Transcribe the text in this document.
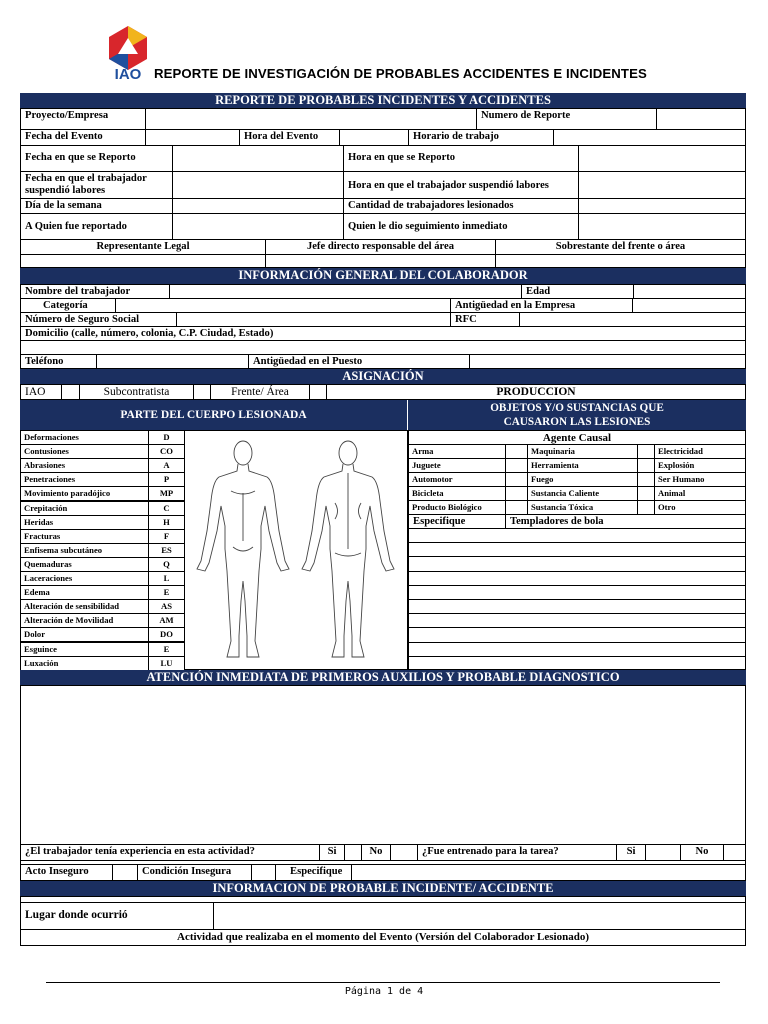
IAO REPORTE DE INVESTIGACIÓN DE PROBABLES ACCIDENTES E INCIDENTES
REPORTE DE PROBABLES INCIDENTES Y ACCIDENTES
Proyecto/Empresa	Numero de Reporte
Fecha del Evento	Hora del Evento	Horario de trabajo
Fecha en que se Reporto	Hora en que se Reporto
Fecha en que el trabajador suspendió labores	Hora en que el trabajador suspendió labores
Día de la semana	Cantidad de trabajadores lesionados
A Quien fue reportado	Quien le dio seguimiento inmediato
Representante Legal	Jefe directo responsable del área	Sobrestante del frente o área
INFORMACIÓN GENERAL DEL COLABORADOR
Nombre del trabajador	Edad
Categoría	Antigüedad en la Empresa
Número de Seguro Social	RFC
Domicilio (calle, número, colonia, C.P. Ciudad, Estado)
Teléfono	Antigüedad en el Puesto
ASIGNACIÓN
IAO	Subcontratista	Frente/ Área	PRODUCCION
PARTE DEL CUERPO LESIONADA
OBJETOS Y/O SUSTANCIAS QUE CAUSARON LAS LESIONES
Deformaciones	D
Contusiones	CO
Abrasiones	A
Penetraciones	P
Movimiento paradójico	MP
Crepitación	C
Heridas	H
Fracturas	F
Enfisema subcutáneo	ES
Quemaduras	Q
Laceraciones	L
Edema	E
Alteración de sensibilidad	AS
Alteración de Movilidad	AM
Dolor	DO
Esguince	E
Luxación	LU
Agente Causal
Arma	Maquinaria	Electricidad
Juguete	Herramienta	Explosión
Automotor	Fuego	Ser Humano
Bicicleta	Sustancia Caliente	Animal
Producto Biológico	Sustancia Tóxica	Otro
Especifique	Templadores de bola
ATENCIÓN INMEDIATA DE PRIMEROS AUXILIOS Y PROBABLE DIAGNOSTICO
¿El trabajador tenía experiencia en esta actividad?	Si	No	¿Fue entrenado para la tarea?	Si	No
Acto Inseguro	Condición Insegura	Especifique
INFORMACION DE PROBABLE INCIDENTE/ ACCIDENTE
Lugar donde ocurrió
Actividad que realizaba en el momento del Evento (Versión del Colaborador Lesionado)
Página 1 de 4
